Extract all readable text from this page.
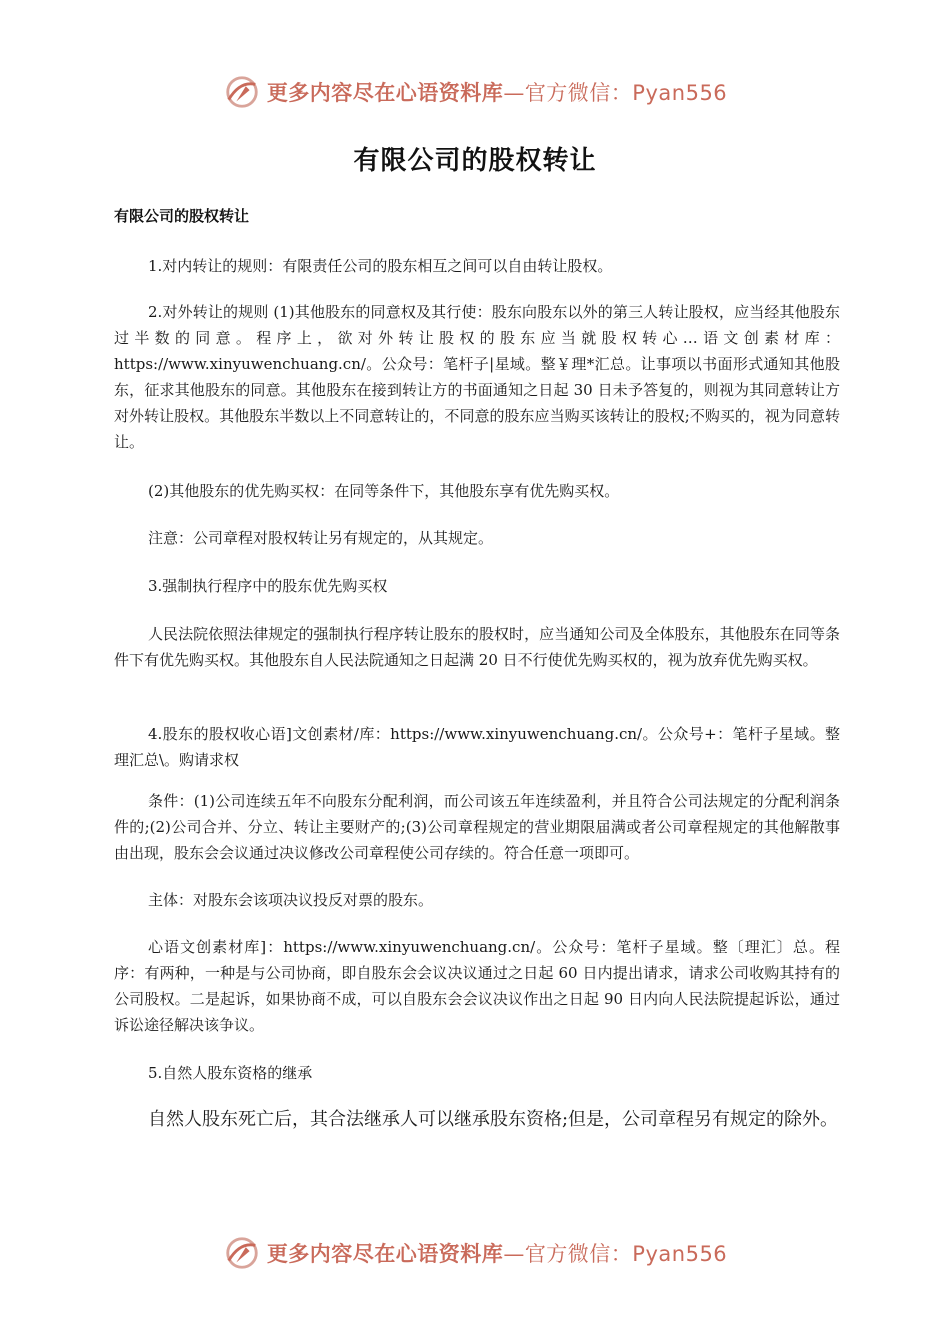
更多内容尽在心语资料库—官方微信：Pyan556
有限公司的股权转让
有限公司的股权转让
1.对内转让的规则：有限责任公司的股东相互之间可以自由转让股权。
2.对外转让的规则 (1)其他股东的同意权及其行使：股东向股东以外的第三人转让股权，应当经其他股东过半数的同意。程序上，欲对外转让股权的股东应当就股权转心…语文创素材库：https://www.xinyuwenchuang.cn/。公众号：笔杆子|星域。整￥理*汇总。让事项以书面形式通知其他股东，征求其他股东的同意。其他股东在接到转让方的书面通知之日起 30 日未予答复的，则视为其同意转让方对外转让股权。其他股东半数以上不同意转让的，不同意的股东应当购买该转让的股权;不购买的，视为同意转让。
(2)其他股东的优先购买权：在同等条件下，其他股东享有优先购买权。
注意：公司章程对股权转让另有规定的，从其规定。
3.强制执行程序中的股东优先购买权
人民法院依照法律规定的强制执行程序转让股东的股权时，应当通知公司及全体股东，其他股东在同等条件下有优先购买权。其他股东自人民法院通知之日起满 20 日不行使优先购买权的，视为放弃优先购买权。
4.股东的股权收心语]文创素材/库：https://www.xinyuwenchuang.cn/。公众号+：笔杆子星域。整理汇总\。购请求权
条件：(1)公司连续五年不向股东分配利润，而公司该五年连续盈利，并且符合公司法规定的分配利润条件的;(2)公司合并、分立、转让主要财产的;(3)公司章程规定的营业期限届满或者公司章程规定的其他解散事由出现，股东会会议通过决议修改公司章程使公司存续的。符合任意一项即可。
主体：对股东会该项决议投反对票的股东。
心语文创素材库]：https://www.xinyuwenchuang.cn/。公众号：笔杆子星域。整〔理汇〕总。程序：有两种，一种是与公司协商，即自股东会会议决议通过之日起 60 日内提出请求，请求公司收购其持有的公司股权。二是起诉，如果协商不成，可以自股东会会议决议作出之日起 90 日内向人民法院提起诉讼，通过诉讼途径解决该争议。
5.自然人股东资格的继承
自然人股东死亡后，其合法继承人可以继承股东资格;但是，公司章程另有规定的除外。
更多内容尽在心语资料库—官方微信：Pyan556
